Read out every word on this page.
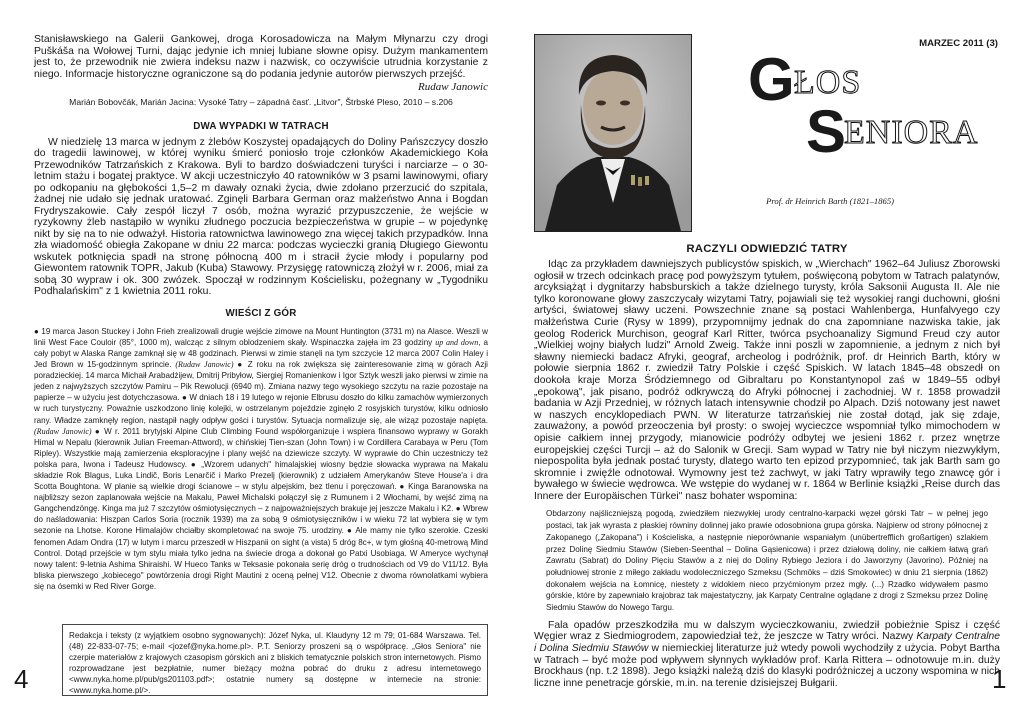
Stanisławskiego na Galerii Gankowej, droga Korosadowicza na Małym Młynarzu czy drogi Puškáša na Wołowej Turni, dając jedynie ich mniej lubiane słowne opisy. Dużym mankamentem jest to, że przewodnik nie zwiera indeksu nazw i nazwisk, co oczywiście utrudnia korzystanie z niego. Informacje historyczne ograniczone są do podania jedynie autorów pierwszych przejść.

Rudaw Janowic

Marián Bobovčák, Marián Jacina: Vysoké Tatry – západná časť. „Litvor", Štrbské Pleso, 2010 – s.206

DWA WYPADKI W TATRACH

W niedzielę 13 marca w jednym z żlebów Koszystej opadających do Doliny Pańszczycy doszło do tragedii lawinowej, w której wyniku śmierć poniosło troje członków Akademickiego Koła Przewodników Tatrzańskich z Krakowa. Byli to bardzo doświadczeni turyści i narciarze – o 30-letnim stażu i bogatej praktyce. W akcji uczestniczyło 40 ratowników w 3 psami lawinowymi, ofiary po odkopaniu na głębokości 1,5–2 m dawały oznaki życia, dwie zdołano przerzucić do szpitala, żadnej nie udało się jednak uratować. Zginęli Barbara German oraz małżeństwo Anna i Bogdan Frydryszakowie. Cały zespół liczył 7 osób, można wyrazić przypuszczenie, że wejście w ryzykowny żleb nastąpiło w wyniku złudnego poczucia bezpieczeństwa w grupie – w pojedynkę nikt by się na to nie odważył. Historia ratownictwa lawinowego zna więcej takich przypadków. Inna zła wiadomość obiegła Zakopane w dniu 22 marca: podczas wycieczki granią Długiego Giewontu wskutek potknięcia spadł na stronę północną 400 m i stracił życie młody i popularny pod Giewontem ratownik TOPR, Jakub (Kuba) Stawowy. Przysięgę ratowniczą złożył w r. 2006, miał za sobą 30 wypraw i ok. 300 zwózek. Spoczął w rodzinnym Kościelisku, pożegnany w „Tygodniku Podhalańskim" z 1 kwietnia 2011 roku.

WIEŚCI Z GÓR

● 19 marca Jason Stuckey i John Frieh zrealizowali drugie wejście zimowe na Mount Huntington (3731 m) na Alasce. Weszli w linii West Face Couloir (85°, 1000 m), walcząc z silnym oblodzeniem skały. Wspinaczka zajęła im 23 godziny up and down, a cały pobyt w Alaska Range zamknął się w 48 godzinach. Pierwsi w zimie stanęli na tym szczycie 12 marca 2007 Colin Haley i Jed Brown w 15-godzinnym sprincie. (Rudaw Janowic) ● Z roku na rok zwiększa się zainteresowanie zimą w górach Azji poradzieckiej. 14 marca Michaił Arabadżijew, Dmitrij Pribyłow, Siergiej Romanienkow i Igor Sztyk weszli jako pierwsi w zimie na jeden z najwyższych szczytów Pamiru – Pik Rewolucji (6940 m). Zmiana nazwy tego wysokiego szczytu na razie pozostaje na papierze – w użyciu jest dotychczasowa. ● W dniach 18 i 19 lutego w rejonie Elbrusu doszło do kilku zamachów wymierzonych w ruch turystyczny. Poważnie uszkodzono linię kolejki, w ostrzelanym pojeździe zginęło 2 rosyjskich turystów, kilku odniosło rany. Władze zamknęły region, nastąpił nagły odpływ gości i turystów. Sytuacja normalizuje się, ale wiząz pozostaje napięta. (Rudaw Janowic) ● W r. 2011 brytyjski Alpine Club Climbing Found współorganizuje i wspiera finansowo wyprawy w Gorakh Himal w Nepalu (kierownik Julian Freeman-Attword), w chińskiej Tien-szan (John Town) i w Cordillera Carabaya w Peru (Tom Ripley). Wszystkie mają zamierzenia eksploracyjne i plany wejść na dziewicze szczyty. W wyprawie do Chin uczestniczy też polska para, Iwona i Tadeusz Hudowscy. ● „Wzorem udanych" himalajskiej wiosny będzie słowacka wyprawa na Makalu składzie Rok Blagus, Luka Lindič, Boris Lenarčič i Marko Prezelj (kierownik) z udziałem Amerykanów Steve House'a i dra Scotta Boughtona. W planie są wielkie drogi ścianowe – w stylu alpejskim, bez tlenu i poręczowań. ● Kinga Baranowska na najbliższy sezon zaplanowała wejście na Makalu, Paweł Michalski połączył się z Rumunem i 2 Włochami, by wejść zimą na Gangchendzöngę. Kinga ma już 7 szczytów ośmiotysięcznych – z najpoważniejszych brakuje jej jeszcze Makalu i K2. ● Wbrew do naśladowania: Hiszpan Carlos Soria (rocznik 1939) ma za sobą 9 ośmiotysięczników i w wieku 72 lat wybiera się w tym sezonie na Lhotse. Korone Himalajów chciałby skompletować na swoje 75. urodziny. ● Ale mamy nie tylko szerokie. Czeski fenomen Adam Ondra (17) w lutym i marcu przeszedł w Hiszpanii on sight (a vista) 5 dróg 8c+, w tym głośną 40-metrową Mind Control. Dotąd przejście w tym stylu miała tylko jedna na świecie droga a dokonał go Patxi Usobiaga. W Ameryce wychynął nowy talent: 9-letnia Ashima Shiraishi. W Hueco Tanks w Teksasie pokonała serię dróg o trudnościach od V9 do V11/12. Była bliska pierwszego „kobiecego" powtórzenia drogi Right Mautini z oceną pełnej V12. Obecnie z dwoma równolatkami wybiera się na ósemki w Red River Gorge.

Redakcja i teksty (z wyjątkiem osobno sygnowanych): Józef Nyka, ul. Klaudyny 12 m 79; 01-684 Warszawa. Tel. (48) 22-833-07-75; e-mail <jozef@nyka.home.pl>. P.T. Seniorzy proszeni są o współpracę. „Głos Seniora" nie czerpie materiałów z krajowych czasopism górskich ani z bliskich tematycznie polskich stron internetowych. Pismo rozprowadzane jest bezpłatnie, numer bieżący można pobrać do druku z adresu internetowego <www.nyka.home.pl/pub/gs201103.pdf>; ostatnie numery są dostępne w internecie na stronie: <www.nyka.home.pl/>.

4

Prof. dr Heinrich Barth (1821–1865)

MARZEC 2011 (3)
G ŁOS
S
ENIORA

RACZYLI ODWIEDZIĆ TATRY

Idąc za przykładem dawniejszych publicystów spiskich, w „Wierchach" 1962–64 Juliusz Zborowski ogłosił w trzech odcinkach pracę pod powyższym tytułem, poświęconą pobytom w Tatrach palatynów, arcyksiążąt i dygnitarzy habsburskich a także dzielnego turysty, króla Saksonii Augusta II. Ale nie tylko koronowane głowy zaszczycały wizytami Tatry, pojawiali się też wysokiej rangi duchowni, głośni artyści, światowej sławy uczeni. Powszechnie znane są postaci Wahlenberga, Hunfalvyego czy małżeństwa Curie (Rysy w 1899), przypomnijmy jednak do cna zapomniane nazwiska takie, jak geolog Roderick Murchison, geograf Karl Ritter, twórca psychoanalizy Sigmund Freud czy autor „Wielkiej wojny białych ludzi" Arnold Zweig. Także inni poszli w zapomnienie, a jednym z nich był sławny niemiecki badacz Afryki, geograf, archeolog i podróżnik, prof. dr Heinrich Barth, który w połowie sierpnia 1862 r. zwiedził Tatry Polskie i część Spiskich. W latach 1845–48 obszedł on dookoła kraje Morza Śródziemnego od Gibraltaru po Konstantynopol zaś w 1849–55 odbył „epokową", jak pisano, podróż odkrywczą do Afryki północnej i zachodniej. W r. 1858 prowadził badania w Azji Przedniej, w różnych latach intensywnie chodził po Alpach. Dziś notowany jest nawet w naszych encyklopediach PWN. W literaturze tatrzańskiej nie został dotąd, jak się zdaje, zauważony, a powód przeoczenia był prosty: o swojej wycieczce wspomniał tylko mimochodem w opisie całkiem innej przygody, mianowicie podróży odbytej we jesieni 1862 r. przez wnętrze europejskiej części Turcji – aż do Salonik w Grecji. Sam wypad w Tatry nie był niczym niezwykłym, niepospolita była jednak postać turysty, dlatego warto ten epizod przypomnieć, tak jak Barth sam go skromnie i zwięźle odnotował. Wymowny jest też zachwyt, w jaki Tatry wprawiły tego znawcę gór i bywałego w świecie wędrowca. We wstępie do wydanej w r. 1864 w Berlinie książki „Reise durch das Innere der Europäischen Türkei" nasz bohater wspomina:

Obdarzony najśliczniejszą pogodą, zwiedziłem niezwykłej urody centralno-karpacki węzeł górski Tatr – w pełnej jego postaci, tak jak wyrasta z płaskiej równiny dolinnej jako prawie odosobniona grupa górska. Najpierw od strony północnej z Zakopanego („Zakopana") i Kościeliska, a następnie nieporównanie wspaniałym (unübertrefflich großartigen) szlakiem przez Dolinę Siedmiu Stawów (Sieben-Seenthal – Dolina Gąsienicowa) i przez działową doliny, nie całkiem łatwą grań Zawratu (Sabrat) do Doliny Pięciu Stawów a z niej do Doliny Rybiego Jeziora i do Jaworzyny (Javorino). Później na południowej stronie z miłego zakładu wodoleczniczego Szmeksu (Schmöks – dziś Smokowiec) w dniu 21 sierpnia (1862) dokonałem wejścia na Łomnicę, niestety z widokiem nieco przyćmionym przez mgły. (...) Rzadko widywałem pasmo górskie, które by zapewniało krajobraz tak majestatyczny, jak Karpaty Centralne oglądane z drogi z Szmeksu przez Dolinę Siedmiu Stawów do Nowego Targu.

Fala opadów przeszkodziła mu w dalszym wycieczkowaniu, zwiedził pobieżnie Spisz i część Węgier wraz z Siedmiogrodem, zapowiedział też, że jeszcze w Tatry wróci. Nazwy Karpaty Centralne i Dolina Siedmiu Stawów w niemieckiej literaturze już wtedy powoli wychodziły z użycia. Pobyt Bartha w Tatrach – być może pod wpływem słynnych wykładów prof. Karla Rittera – odnotowuje m.in. duży Brockhaus (np. t.2 1898). Jego książki należą dziś do klasyki podróżniczej a uczony wspomina w nich liczne inne penetracje górskie, m.in. na terenie dzisiejszej Bułgarii.	1
